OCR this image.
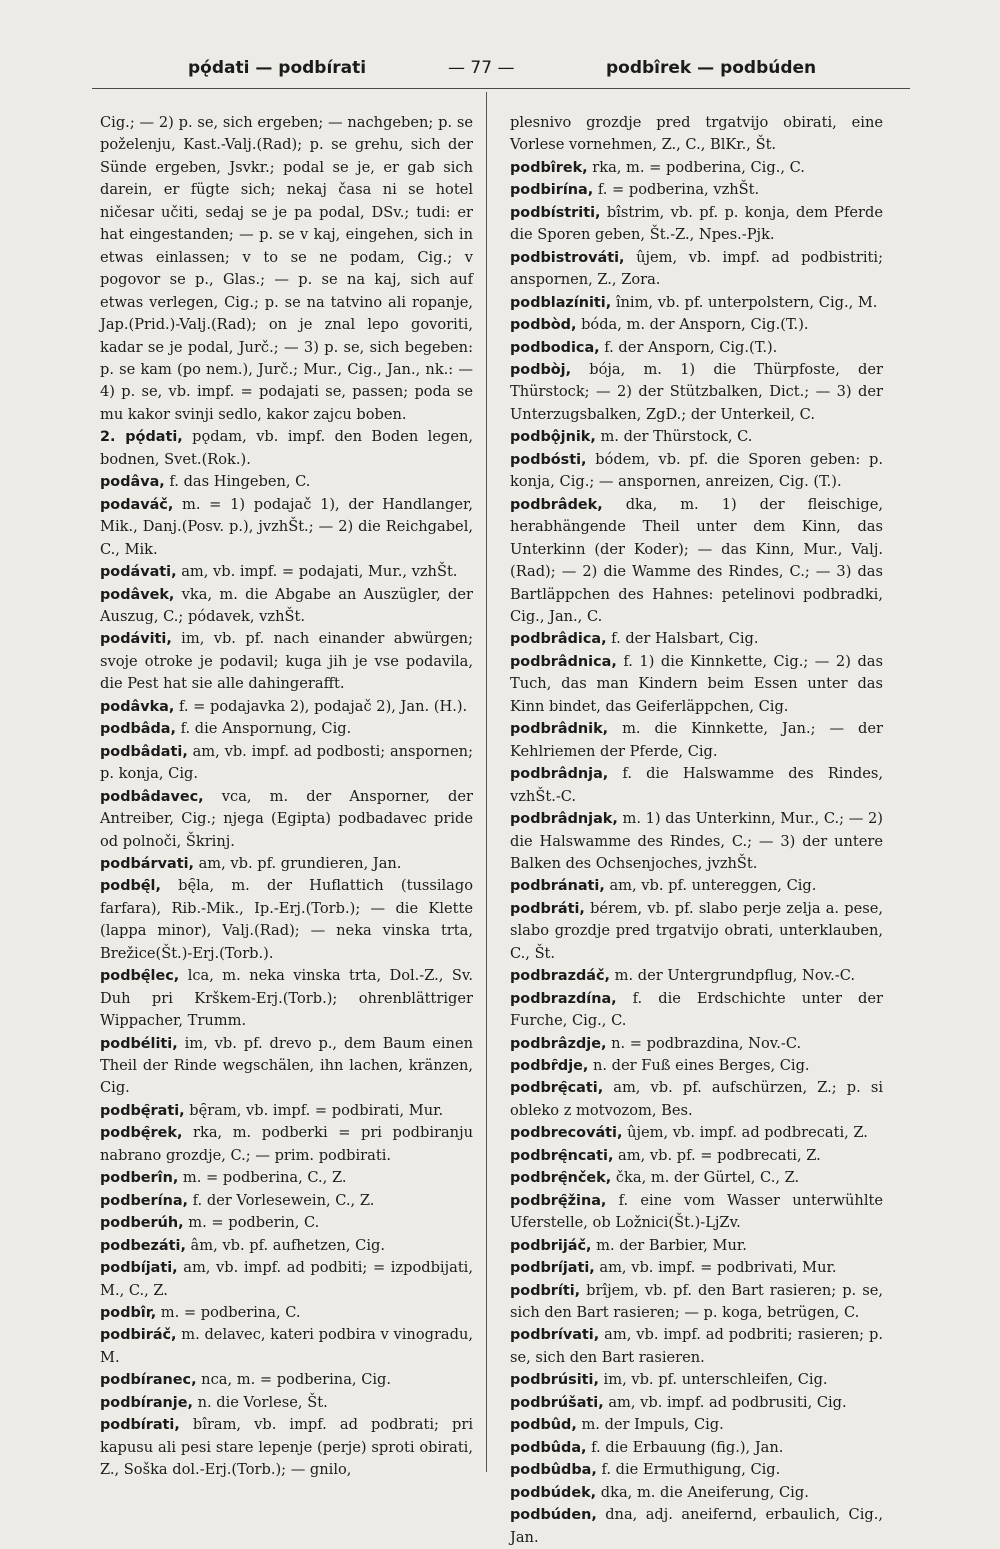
pǫ́dati — podbírati	— 77 —	podbîrek — podbúden

Cig.; — 2) p. se, sich ergeben; — nachgeben; p. se poželenju, Kast.-Valj.(Rad); p. se grehu, sich der Sünde ergeben, Jsvkr.; podal se je, er gab sich darein, er fügte sich; nekaj časa ni se hotel ničesar učiti, sedaj se je pa podal, DSv.; tudi: er hat eingestanden; — p. se v kaj, eingehen, sich in etwas einlassen; v to se ne podam, Cig.; v pogovor se p., Glas.; — p. se na kaj, sich auf etwas verlegen, Cig.; p. se na tatvino ali ropanje, Jap.(Prid.)-Valj.(Rad); on je znal lepo govoriti, kadar se je podal, Jurč.; — 3) p. se, sich begeben: p. se kam (po nem.), Jurč.; Mur., Cig., Jan., nk.: — 4) p. se, vb. impf. = podajati se, passen; poda se mu kakor svinji sedlo, kakor zajcu boben.

2. pǫ́dati, pǫdam, vb. impf. den Boden legen, bodnen, Svet.(Rok.).

podâva, f. das Hingeben, C.

podaváč, m. = 1) podajač 1), der Handlanger, Mik., Danj.(Posv. p.), jvzhŠt.; — 2) die Reichgabel, C., Mik.

podávati, am, vb. impf. = podajati, Mur., vzhŠt.

podâvek, vka, m. die Abgabe an Auszügler, der Auszug, C.; pódavek, vzhŠt.

podáviti, im, vb. pf. nach einander abwürgen; svoje otroke je podavil; kuga jih je vse podavila, die Pest hat sie alle dahingerafft.

podâvka, f. = podajavka 2), podajač 2), Jan. (H.).

podbâda, f. die Anspornung, Cig.

podbâdati, am, vb. impf. ad podbosti; anspornen; p. konja, Cig.

podbâdavec, vca, m. der Ansporner, der Antreiber, Cig.; njega (Egipta) podbadavec pride od polnoči, Škrinj.

podbárvati, am, vb. pf. grundieren, Jan.

podbę̑l, bę̑la, m. der Huflattich (tussilago farfara), Rib.-Mik., Ip.-Erj.(Torb.); — die Klette (lappa minor), Valj.(Rad); — neka vinska trta, Brežice(Št.)-Erj.(Torb.).

podbę̑lec, lca, m. neka vinska trta, Dol.-Z., Sv. Duh pri Krškem-Erj.(Torb.); ohrenblättriger Wippacher, Trumm.

podbéliti, im, vb. pf. drevo p., dem Baum einen Theil der Rinde wegschälen, ihn lachen, kränzen, Cig.

podbę̑rati, bę̑ram, vb. impf. = podbirati, Mur.

podbę̑rek, rka, m. podberki = pri podbiranju nabrano grozdje, C.; — prim. podbirati.

podberîn, m. = podberina, C., Z.

podberína, f. der Vorlesewein, C., Z.

podberúh, m. = podberin, C.

podbezáti, âm, vb. pf. aufhetzen, Cig.

podbíjati, am, vb. impf. ad podbiti; = izpodbijati, M., C., Z.

podbîr, m. = podberina, C.

podbiráč, m. delavec, kateri podbira v vinogradu, M.

podbíranec, nca, m. = podberina, Cig.

podbíranje, n. die Vorlese, Št.

podbírati, bîram, vb. impf. ad podbrati; pri kapusu ali pesi stare lepenje (perje) sproti obirati, Z., Soška dol.-Erj.(Torb.); — gnilo,

plesnivo grozdje pred trgatvijo obirati, eine Vorlese vornehmen, Z., C., BlKr., Št.

podbîrek, rka, m. = podberina, Cig., C.

podbirína, f. = podberina, vzhŠt.

podbístriti, bîstrim, vb. pf. p. konja, dem Pferde die Sporen geben, Št.-Z., Npes.-Pjk.

podbistrováti, ûjem, vb. impf. ad podbistriti; anspornen, Z., Zora.

podblazíniti, înim, vb. pf. unterpolstern, Cig., M.

podbòd, bóda, m. der Ansporn, Cig.(T.).

podbodica, f. der Ansporn, Cig.(T.).

podbòj, bója, m. 1) die Thürpfoste, der Thürstock; — 2) der Stützbalken, Dict.; — 3) der Unterzugsbalken, ZgD.; der Unterkeil, C.

podbǫ̂jnik, m. der Thürstock, C.

podbósti, bódem, vb. pf. die Sporen geben: p. konja, Cig.; — anspornen, anreizen, Cig. (T.).

podbrâdek, dka, m. 1) der fleischige, herabhängende Theil unter dem Kinn, das Unterkinn (der Koder); — das Kinn, Mur., Valj. (Rad); — 2) die Wamme des Rindes, C.; — 3) das Bartläppchen des Hahnes: petelinovi podbradki, Cig., Jan., C.

podbrâdica, f. der Halsbart, Cig.

podbrâdnica, f. 1) die Kinnkette, Cig.; — 2) das Tuch, das man Kindern beim Essen unter das Kinn bindet, das Geiferläppchen, Cig.

podbrâdnik, m. die Kinnkette, Jan.; — der Kehlriemen der Pferde, Cig.

podbrâdnja, f. die Halswamme des Rindes, vzhŠt.-C.

podbrâdnjak, m. 1) das Unterkinn, Mur., C.; — 2) die Halswamme des Rindes, C.; — 3) der untere Balken des Ochsenjoches, jvzhŠt.

podbránati, am, vb. pf. untereggen, Cig.

podbráti, bérem, vb. pf. slabo perje zelja a. pese, slabo grozdje pred trgatvijo obrati, unterklauben, C., Št.

podbrazdáč, m. der Untergrundpflug, Nov.-C.

podbrazdína, f. die Erdschichte unter der Furche, Cig., C.

podbrâzdje, n. = podbrazdina, Nov.-C.

podbȓdje, n. der Fuß eines Berges, Cig.

podbrę̑cati, am, vb. pf. aufschürzen, Z.; p. si obleko z motvozom, Bes.

podbrecováti, ûjem, vb. impf. ad podbrecati, Z.

podbrę̑ncati, am, vb. pf. = podbrecati, Z.

podbrę̑nček, čka, m. der Gürtel, C., Z.

podbrę̑žina, f. eine vom Wasser unterwühlte Uferstelle, ob Ložnici(Št.)-LjZv.

podbrijáč, m. der Barbier, Mur.

podbríjati, am, vb. impf. = podbrivati, Mur.

podbríti, brîjem, vb. pf. den Bart rasieren; p. se, sich den Bart rasieren; — p. koga, betrügen, C.

podbrívati, am, vb. impf. ad podbriti; rasieren; p. se, sich den Bart rasieren.

podbrúsiti, im, vb. pf. unterschleifen, Cig.

podbrúšati, am, vb. impf. ad podbrusiti, Cig.

podbûd, m. der Impuls, Cig.

podbûda, f. die Erbauung (fig.), Jan.

podbûdba, f. die Ermuthigung, Cig.

podbúdek, dka, m. die Aneiferung, Cig.

podbúden, dna, adj. aneifernd, erbaulich, Cig., Jan.
